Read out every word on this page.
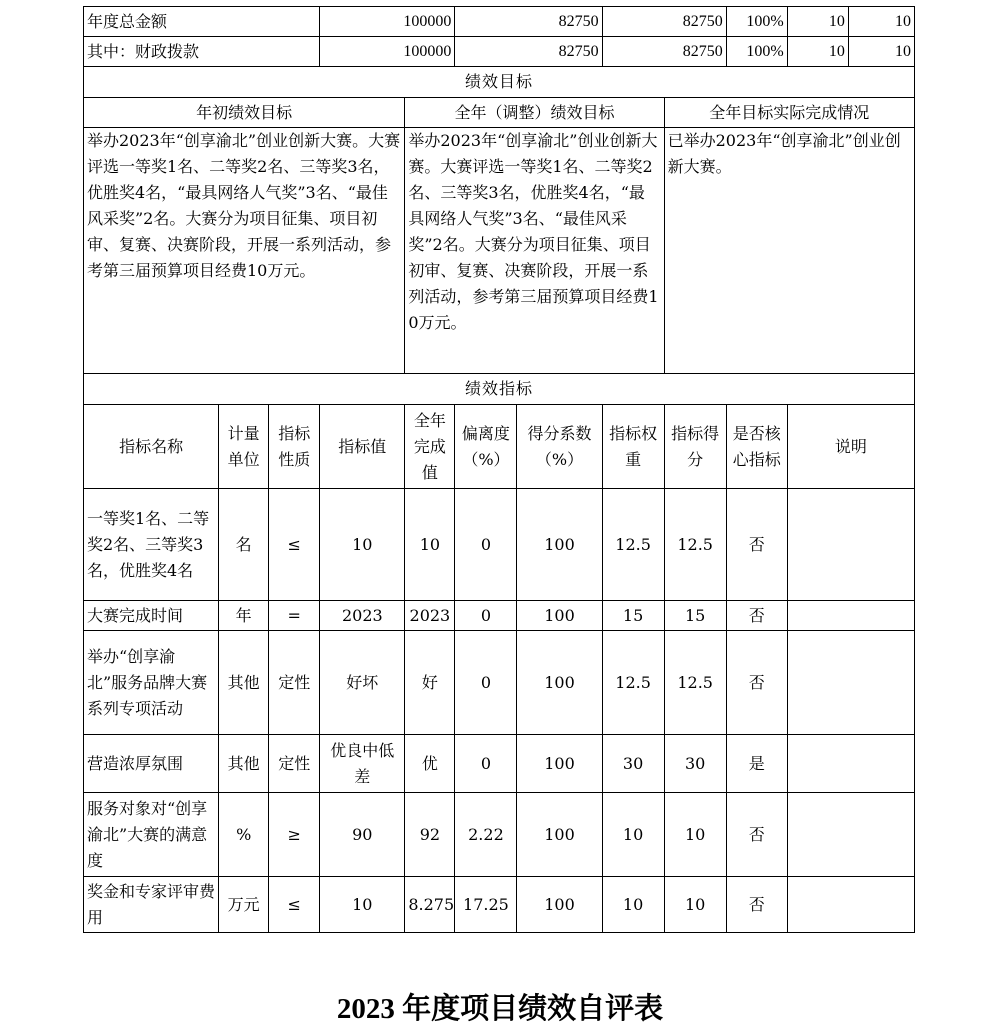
年度总金额			100000		82750		82750		100%	10	10
其中：财政拨款			100000		82750		82750		100%	10	10
绩效目标											
年初绩效目标				全年（调整）绩效目标				全年目标实际完成情况			
举办2023年“创享渝北”创业创新大赛。大赛评选一等奖1名、二等奖2名、三等奖3名，优胜奖4名，“最具网络人气奖”3名、“最佳风采奖”2名。大赛分为项目征集、项目初审、复赛、决赛阶段，开展一系列活动，参考第三届预算项目经费10万元。				举办2023年“创享渝北”创业创新大赛。大赛评选一等奖1名、二等奖2名、三等奖3名，优胜奖4名，“最具网络人气奖”3名、“最佳风采奖”2名。大赛分为项目征集、项目初审、复赛、决赛阶段，开展一系列活动，参考第三届预算项目经费10万元。				已举办2023年“创享渝北”创业创新大赛。			
绩效指标											
指标名称	计量单位	指标性质	指标值	全年完成值	偏离度（%）	得分系数（%）	指标权重	指标得分	是否核心指标	说明	
一等奖1名、二等奖2名、三等奖3名，优胜奖4名	名	≤	10	10	0	100	12.5	12.5	否		
大赛完成时间	年	=	2023	2023	0	100	15	15	否		
举办“创享渝北”服务品牌大赛系列专项活动	其他	定性	好坏	好	0	100	12.5	12.5	否		
营造浓厚氛围	其他	定性	优良中低差	优	0	100	30	30	是		
服务对象对“创享渝北”大赛的满意度	%	≥	90	92	2.22	100	10	10	否		
奖金和专家评审费用	万元	≤	10	8.275	17.25	100	10	10	否		
2023 年度项目绩效自评表
